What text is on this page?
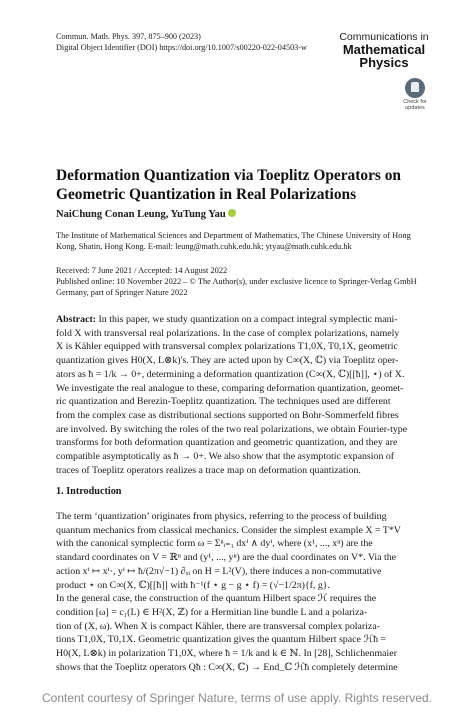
Commun. Math. Phys. 397, 875–900 (2023)
Digital Object Identifier (DOI) https://doi.org/10.1007/s00220-022-04503-w
Communications in
Mathematical
Physics
Check for
updates
Deformation Quantization via Toeplitz Operators on
Geometric Quantization in Real Polarizations
NaiChung Conan Leung, YuTung Yau
The Institute of Mathematical Sciences and Department of Mathematics, The Chinese University of Hong
Kong, Shatin, Hong Kong. E-mail: leung@math.cuhk.edu.hk; ytyau@math.cuhk.edu.hk
Received: 7 June 2021 / Accepted: 14 August 2022
Published online: 10 November 2022 – © The Author(s), under exclusive licence to Springer-Verlag GmbH
Germany, part of Springer Nature 2022
Abstract: In this paper, we study quantization on a compact integral symplectic mani-
fold X with transversal real polarizations. In the case of complex polarizations, namely
X is Kähler equipped with transversal complex polarizations T1,0X, T0,1X, geometric
quantization gives H0(X, L⊗k)'s. They are acted upon by C∞(X, ℂ) via Toeplitz oper-
ators as ħ = 1/k → 0+, determining a deformation quantization (C∞(X, ℂ)[[ħ]], ⋆) of X.
We investigate the real analogue to these, comparing deformation quantization, geomet-
ric quantization and Berezin-Toeplitz quantization. The techniques used are different
from the complex case as distributional sections supported on Bohr-Sommerfeld fibres
are involved. By switching the roles of the two real polarizations, we obtain Fourier-type
transforms for both deformation quantization and geometric quantization, and they are
compatible asymptotically as ħ → 0+. We also show that the asymptotic expansion of
traces of Toeplitz operators realizes a trace map on deformation quantization.
1. Introduction
The term ‘quantization’ originates from physics, referring to the process of building
quantum mechanics from classical mechanics. Consider the simplest example X = T*V
with the canonical symplectic form ω = Σⁿᵢ₌₁ dxⁱ ∧ dyⁱ, where (x¹, ..., xⁿ) are the
standard coordinates on V = ℝⁿ and (y¹, ..., yⁿ) are the dual coordinates on V*. Via the
action xⁱ ↦ xⁱ·, yⁱ ↦ ħ/(2π√−1) ∂ₓᵢ on H = L²(V), there induces a non-commutative
product ⋆ on C∞(X, ℂ)[[ħ]] with ħ⁻¹(f ⋆ g − g ⋆ f) = (√−1/2π){f, g}.
In the general case, the construction of the quantum Hilbert space ℋ requires the
condition [ω] = c₁(L) ∈ H²(X, ℤ) for a Hermitian line bundle L and a polariza-
tion of (X, ω). When X is compact Kähler, there are transversal complex polariza-
tions T1,0X, T0,1X. Geometric quantization gives the quantum Hilbert space ℋħ =
H0(X, L⊗k) in polarization T1,0X, where ħ = 1/k and k ∈ ℕ. In [28], Schlichenmaier
shows that the Toeplitz operators Qħ : C∞(X, ℂ) → End_ℂ ℋħ completely determine
Content courtesy of Springer Nature, terms of use apply. Rights reserved.
